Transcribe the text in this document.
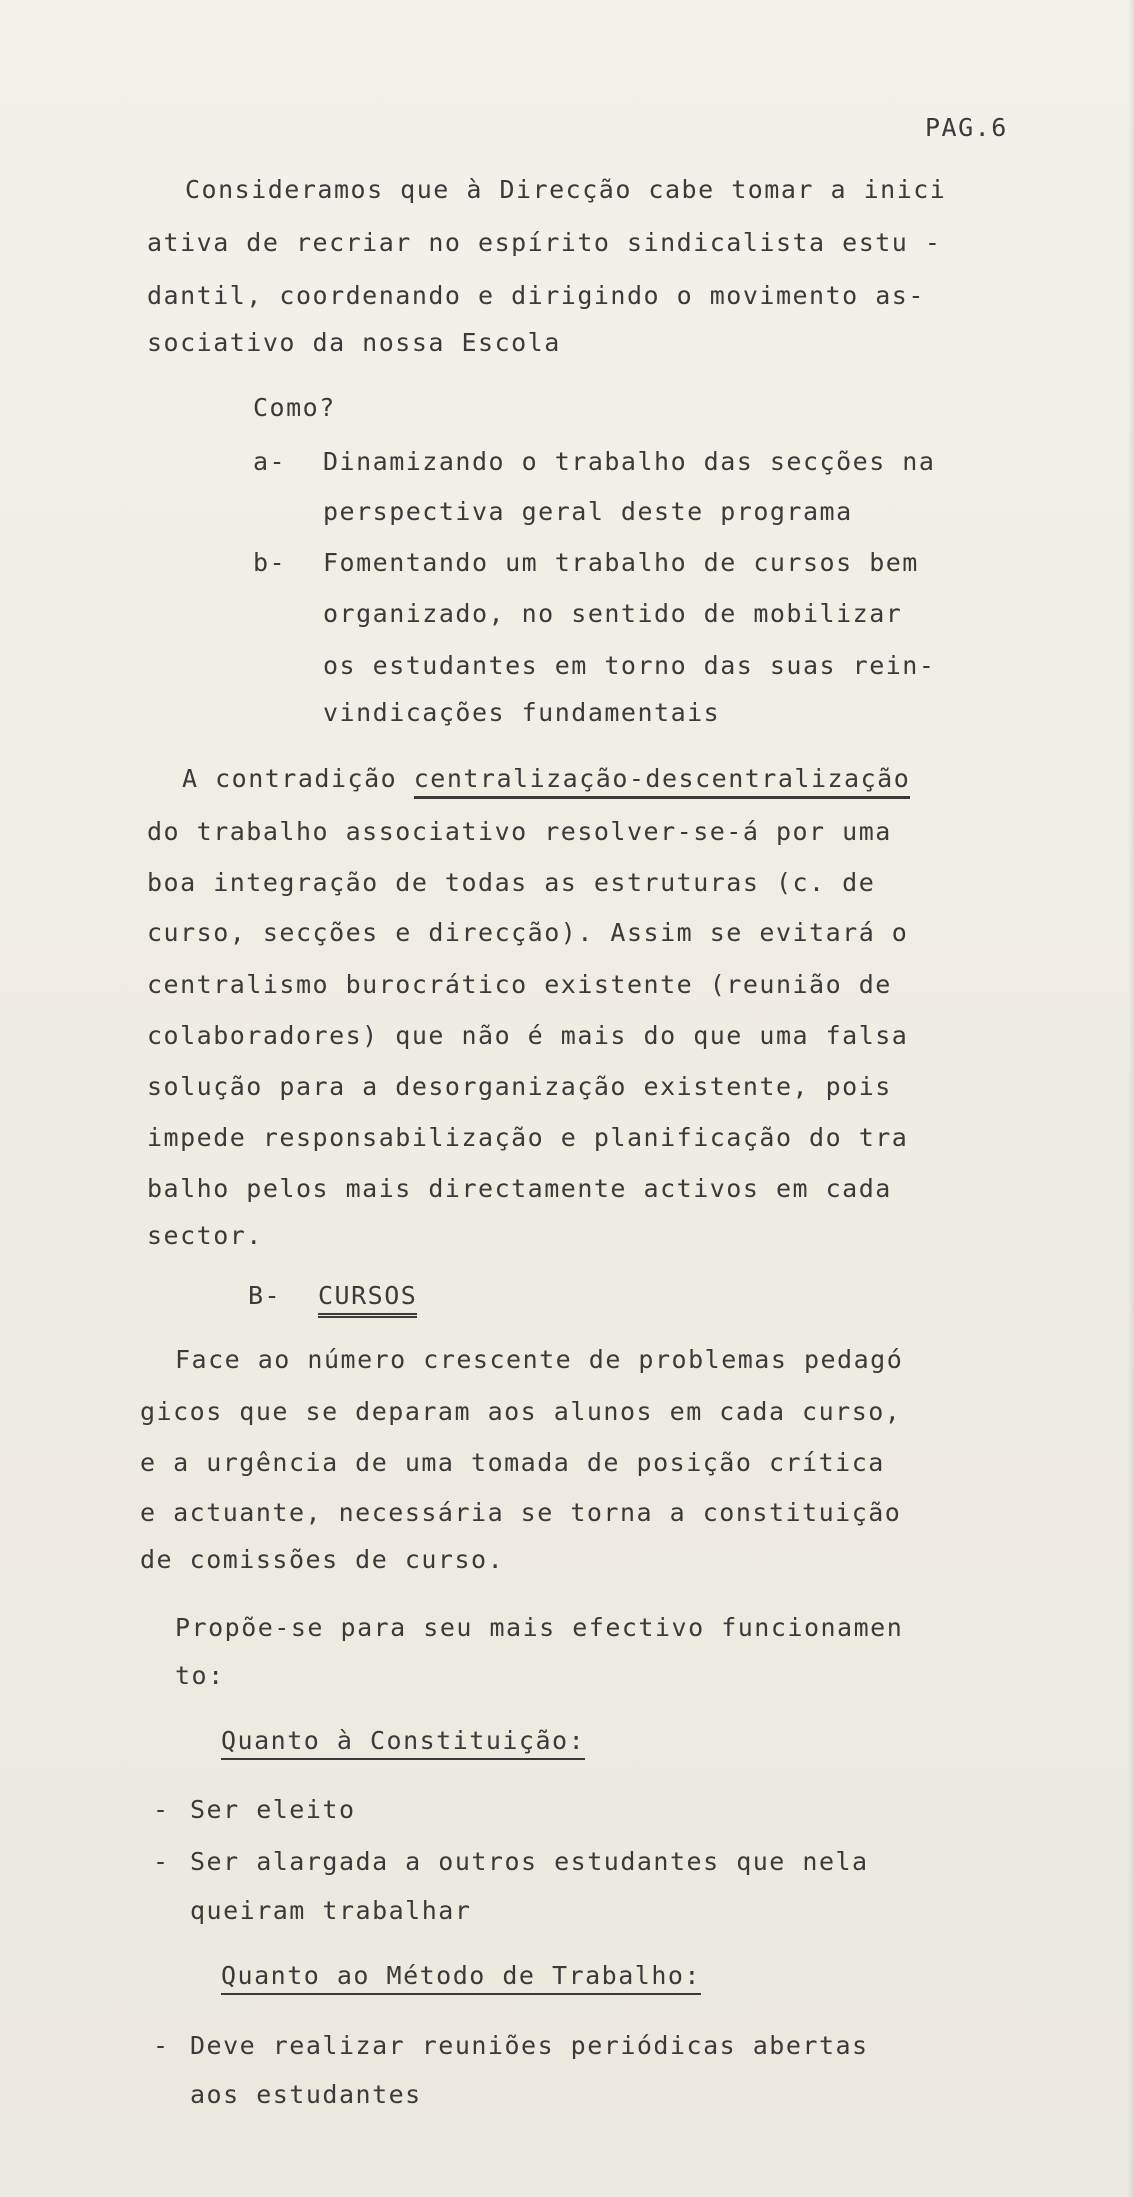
PAG.6
Consideramos que à Direcção cabe tomar a inici
ativa de recriar no espírito sindicalista estu -
dantil, coordenando e dirigindo o movimento as-
sociativo da nossa Escola
Como?
a- Dinamizando o trabalho das secções na
perspectiva geral deste programa
b- Fomentando um trabalho de cursos bem
organizado, no sentido de mobilizar
os estudantes em torno das suas rein-
vindicações fundamentais
A contradição centralização-descentralização
do trabalho associativo resolver-se-á por uma
boa integração de todas as estruturas (c. de
curso, secções e direcção). Assim se evitará o
centralismo burocrático existente (reunião de
colaboradores) que não é mais do que uma falsa
solução para a desorganização existente, pois
impede responsabilização e planificação do tra
balho pelos mais directamente activos em cada
sector.
B- CURSOS
Face ao número crescente de problemas pedagó
gicos que se deparam aos alunos em cada curso,
e a urgência de uma tomada de posição crítica
e actuante, necessária se torna a constituição
de comissões de curso.
Propõe-se para seu mais efectivo funcionamen
to:
Quanto à Constituição:
- Ser eleito
- Ser alargada a outros estudantes que nela
queiram trabalhar
Quanto ao Método de Trabalho:
- Deve realizar reuniões periódicas abertas
aos estudantes
